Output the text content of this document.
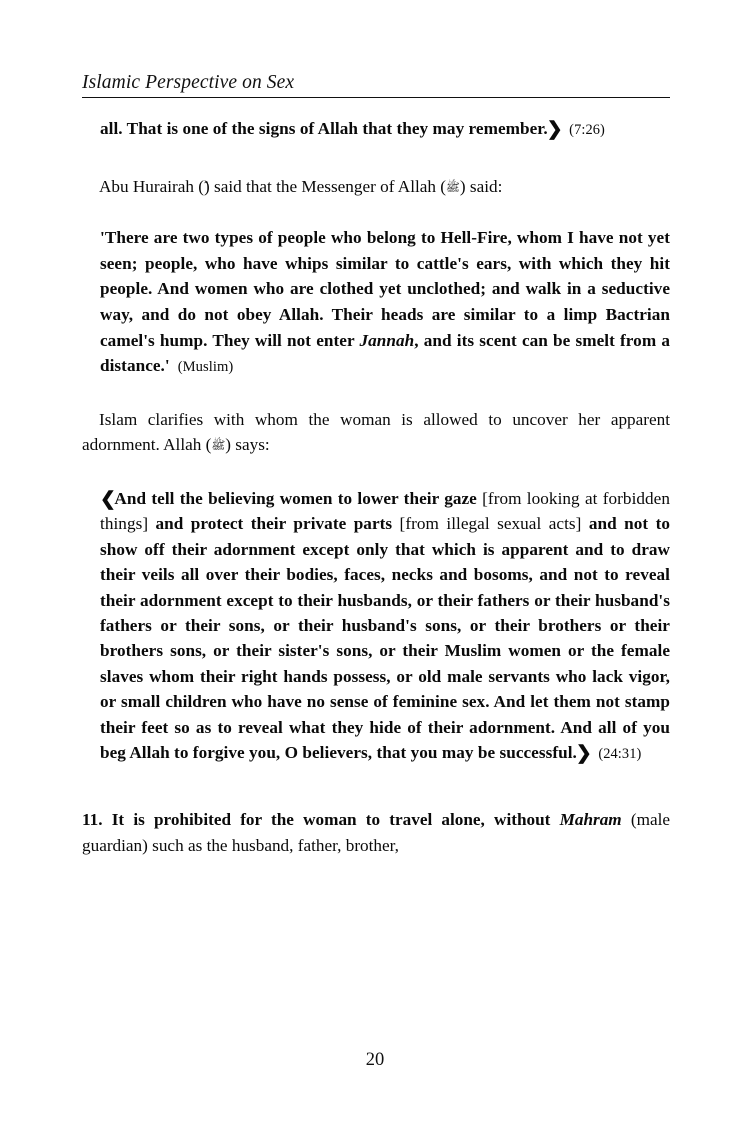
Islamic Perspective on Sex

all. That is one of the signs of Allah that they may remember.❯ (7:26)

Abu Hurairah () said that the Messenger of Allah (ﷺ) said:

'There are two types of people who belong to Hell-Fire, whom I have not yet seen; people, who have whips similar to cattle's ears, with which they hit people. And women who are clothed yet unclothed; and walk in a seductive way, and do not obey Allah. Their heads are similar to a limp Bactrian camel's hump. They will not enter Jannah, and its scent can be smelt from a distance.' (Muslim)

Islam clarifies with whom the woman is allowed to uncover her apparent adornment. Allah (ﷺ) says:

❮And tell the believing women to lower their gaze [from looking at forbidden things] and protect their private parts [from illegal sexual acts] and not to show off their adornment except only that which is apparent and to draw their veils all over their bodies, faces, necks and bosoms, and not to reveal their adornment except to their husbands, or their fathers or their husband's fathers or their sons, or their husband's sons, or their brothers or their brothers sons, or their sister's sons, or their Muslim women or the female slaves whom their right hands possess, or old male servants who lack vigor, or small children who have no sense of feminine sex. And let them not stamp their feet so as to reveal what they hide of their adornment. And all of you beg Allah to forgive you, O believers, that you may be successful.❯ (24:31)

11. It is prohibited for the woman to travel alone, without Mahram (male guardian) such as the husband, father, brother,

20
